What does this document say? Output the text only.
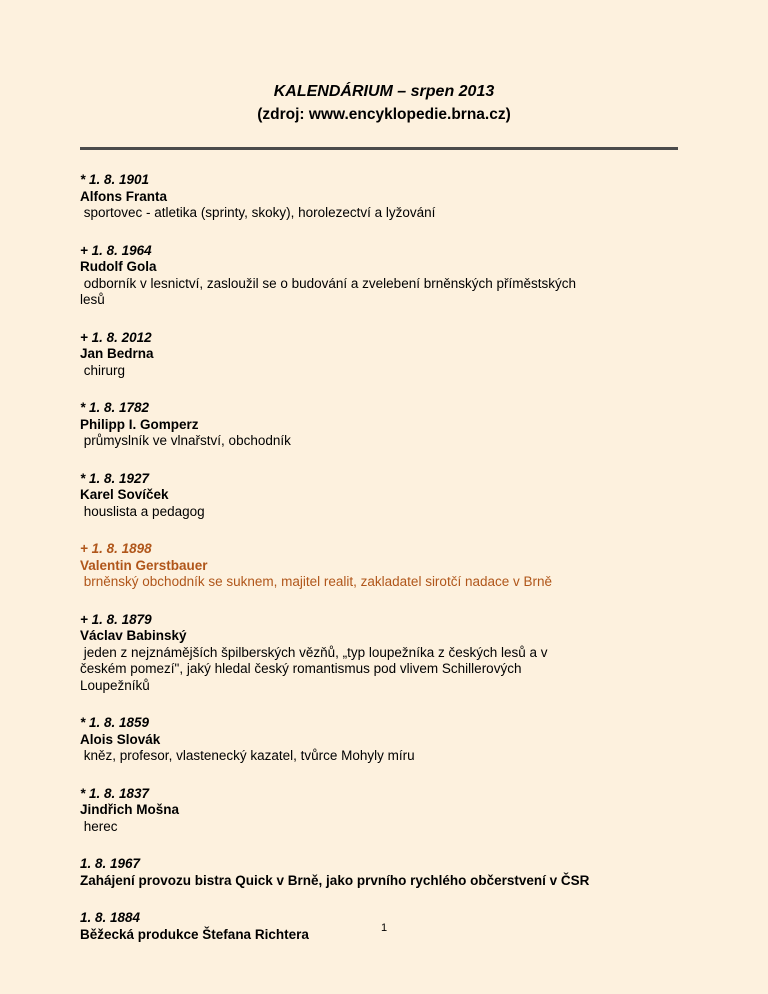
KALENDÁRIUM – srpen 2013
(zdroj: www.encyklopedie.brna.cz)
* 1. 8. 1901
Alfons Franta
sportovec - atletika (sprinty, skoky), horolezectví a lyžování
+ 1. 8. 1964
Rudolf Gola
odborník v lesnictví, zasloužil se o budování a zvelebení brněnských příměstských
lesů
+ 1. 8. 2012
Jan Bedrna
chirurg
* 1. 8. 1782
Philipp I. Gomperz
průmyslník ve vlnařství, obchodník
* 1. 8. 1927
Karel Sovíček
houslista a pedagog
+ 1. 8. 1898
Valentin Gerstbauer
brněnský obchodník se suknem, majitel realit, zakladatel sirotčí nadace v Brně
+ 1. 8. 1879
Václav Babinský
jeden z nejznámějších špilberských vězňů, „typ loupežníka z českých lesů a v
českém pomezí", jaký hledal český romantismus pod vlivem Schillerových
Loupežníků
* 1. 8. 1859
Alois Slovák
kněz, profesor, vlastenecký kazatel, tvůrce Mohyly míru
* 1. 8. 1837
Jindřich Mošna
herec
1. 8. 1967
Zahájení provozu bistra Quick v Brně, jako prvního rychlého občerstvení v ČSR
1. 8. 1884
Běžecká produkce Štefana Richtera	1
